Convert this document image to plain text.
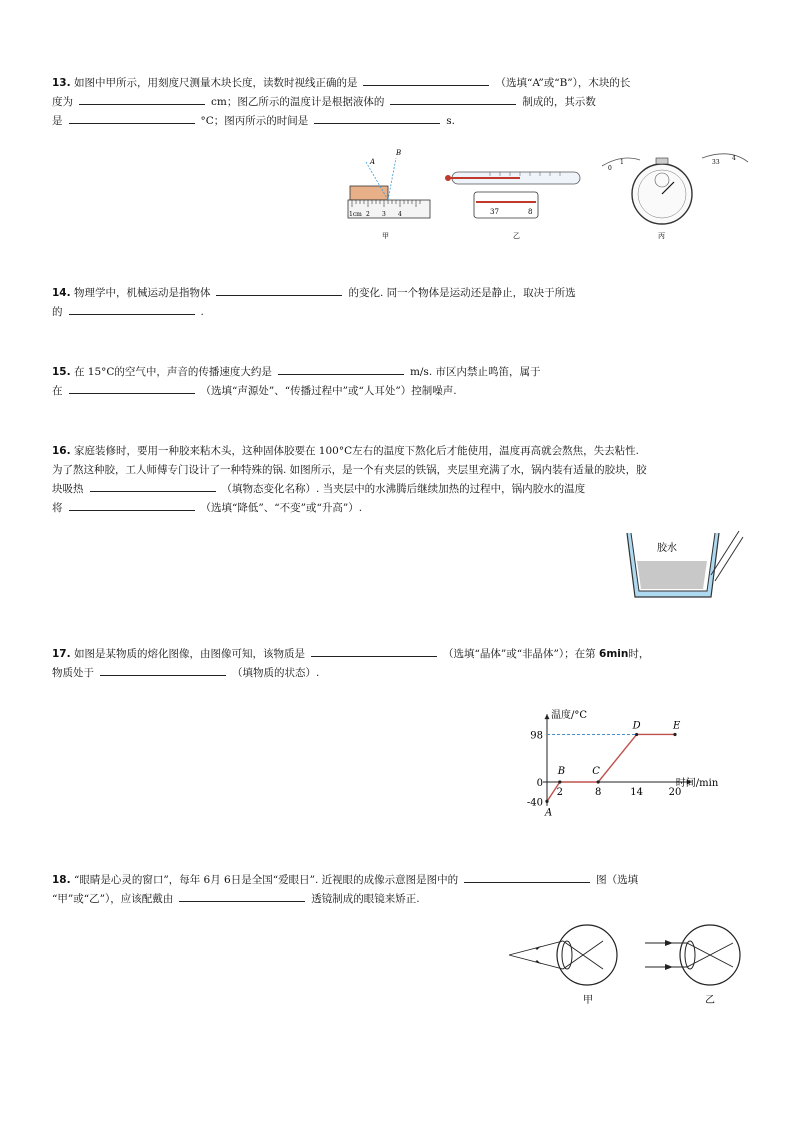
13. 如图中甲所示，用刻度尺测量木块长度，读数时视线正确的是	（选填“A”或“B”），木块的长
度为	cm；图乙所示的温度计是根据液体的	制成的，其示数
是	°C；图丙所示的时间是	s.
1cm 2 3 4
A
B
甲
37	8
乙
0
1	33
4
丙
14. 物理学中，机械运动是指物体	的变化. 同一个物体是运动还是静止，取决于所选
的	.
15. 在 15°C的空气中，声音的传播速度大约是	m/s. 市区内禁止鸣笛，属于
在	（选填“声源处”、“传播过程中”或“人耳处”）控制噪声.
16. 家庭装修时，要用一种胶来粘木头，这种固体胶要在 100°C左右的温度下熬化后才能使用，温度再高就会熬焦，失去粘性.
为了熬这种胶，工人师傅专门设计了一种特殊的锅. 如图所示，是一个有夹层的铁锅，夹层里充满了水，锅内装有适量的胶块，胶
块吸热	（填物态变化名称）. 当夹层中的水沸腾后继续加热的过程中，锅内胶水的温度
将	（选填“降低”、“不变”或“升高”）.
胶水
17. 如图是某物质的熔化图像，由图像可知，该物质是	（选填“晶体”或“非晶体”）；在第 6min时，
物质处于	（填物质的状态）.
温度/°C
时间/min
0
2	8	14	20
98
-40
A
B	C
D	E
18. “眼睛是心灵的窗口”，每年 6月 6日是全国“爱眼日”. 近视眼的成像示意图是图中的	图（选填
“甲”或“乙”），应该配戴由	透镜制成的眼镜来矫正.
甲	乙
